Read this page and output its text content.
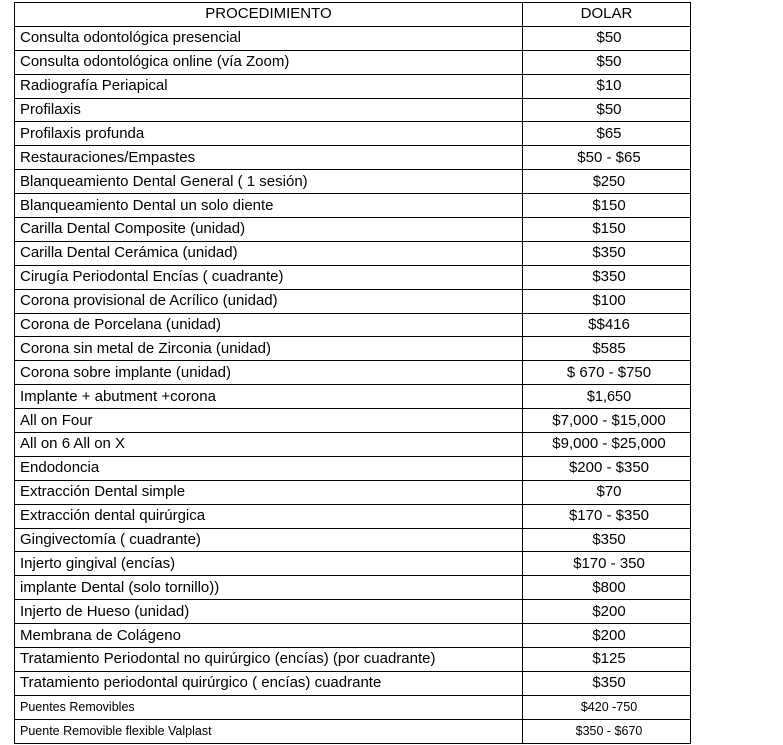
PROCEDIMIENTO	DOLAR
Consulta odontológica presencial	$50
Consulta odontológica online (vía Zoom)	$50
Radiografía Periapical	$10
Profilaxis	$50
Profilaxis profunda	$65
Restauraciones/Empastes	$50 - $65
Blanqueamiento Dental General ( 1 sesión)	$250
Blanqueamiento Dental un solo diente	$150
Carilla Dental Composite (unidad)	$150
Carilla Dental Cerámica (unidad)	$350
Cirugía Periodontal Encías ( cuadrante)	$350
Corona provisional de Acrílico (unidad)	$100
Corona de Porcelana (unidad)	$$416
Corona sin metal de Zirconia (unidad)	$585
Corona sobre implante (unidad)	$ 670 - $750
Implante + abutment +corona	$1,650
All on Four	$7,000 - $15,000
All on 6 All on X	$9,000 - $25,000
Endodoncia	$200 - $350
Extracción Dental simple	$70
Extracción dental quirúrgica	$170 - $350
Gingivectomía ( cuadrante)	$350
Injerto gingival (encías)	$170 - 350
implante Dental (solo tornillo))	$800
Injerto de Hueso (unidad)	$200
Membrana de Colágeno	$200
Tratamiento Periodontal no quirúrgico (encías) (por cuadrante)	$125
Tratamiento periodontal quirúrgico ( encías) cuadrante	$350
Puentes Removibles	$420 -750
Puente Removible flexible Valplast	$350 - $670
